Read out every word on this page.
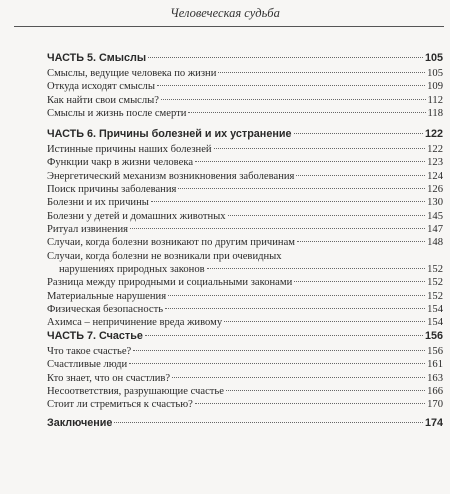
Человеческая судьба
ЧАСТЬ 5. Смыслы	105
Смыслы, ведущие человека по жизни	105
Откуда исходят смыслы	109
Как найти свои смыслы?	112
Смыслы и жизнь после смерти	118
ЧАСТЬ 6. Причины болезней и их устранение	122
Истинные причины наших болезней	122
Функции чакр в жизни человека	123
Энергетический механизм возникновения заболевания	124
Поиск причины заболевания	126
Болезни и их причины	130
Болезни у детей и домашних животных	145
Ритуал извинения	147
Случаи, когда болезни возникают по другим причинам	148
Случаи, когда болезни не возникали при очевидных
нарушениях природных законов	152
Разница между природными и социальными законами	152
Материальные нарушения	152
Физическая безопасность	154
Ахимса – непричинение вреда живому	154
ЧАСТЬ 7. Счастье	156
Что такое счастье?	156
Счастливые люди	161
Кто знает, что он счастлив?	163
Несоответствия, разрушающие счастье	166
Стоит ли стремиться к счастью?	170
Заключение	174
